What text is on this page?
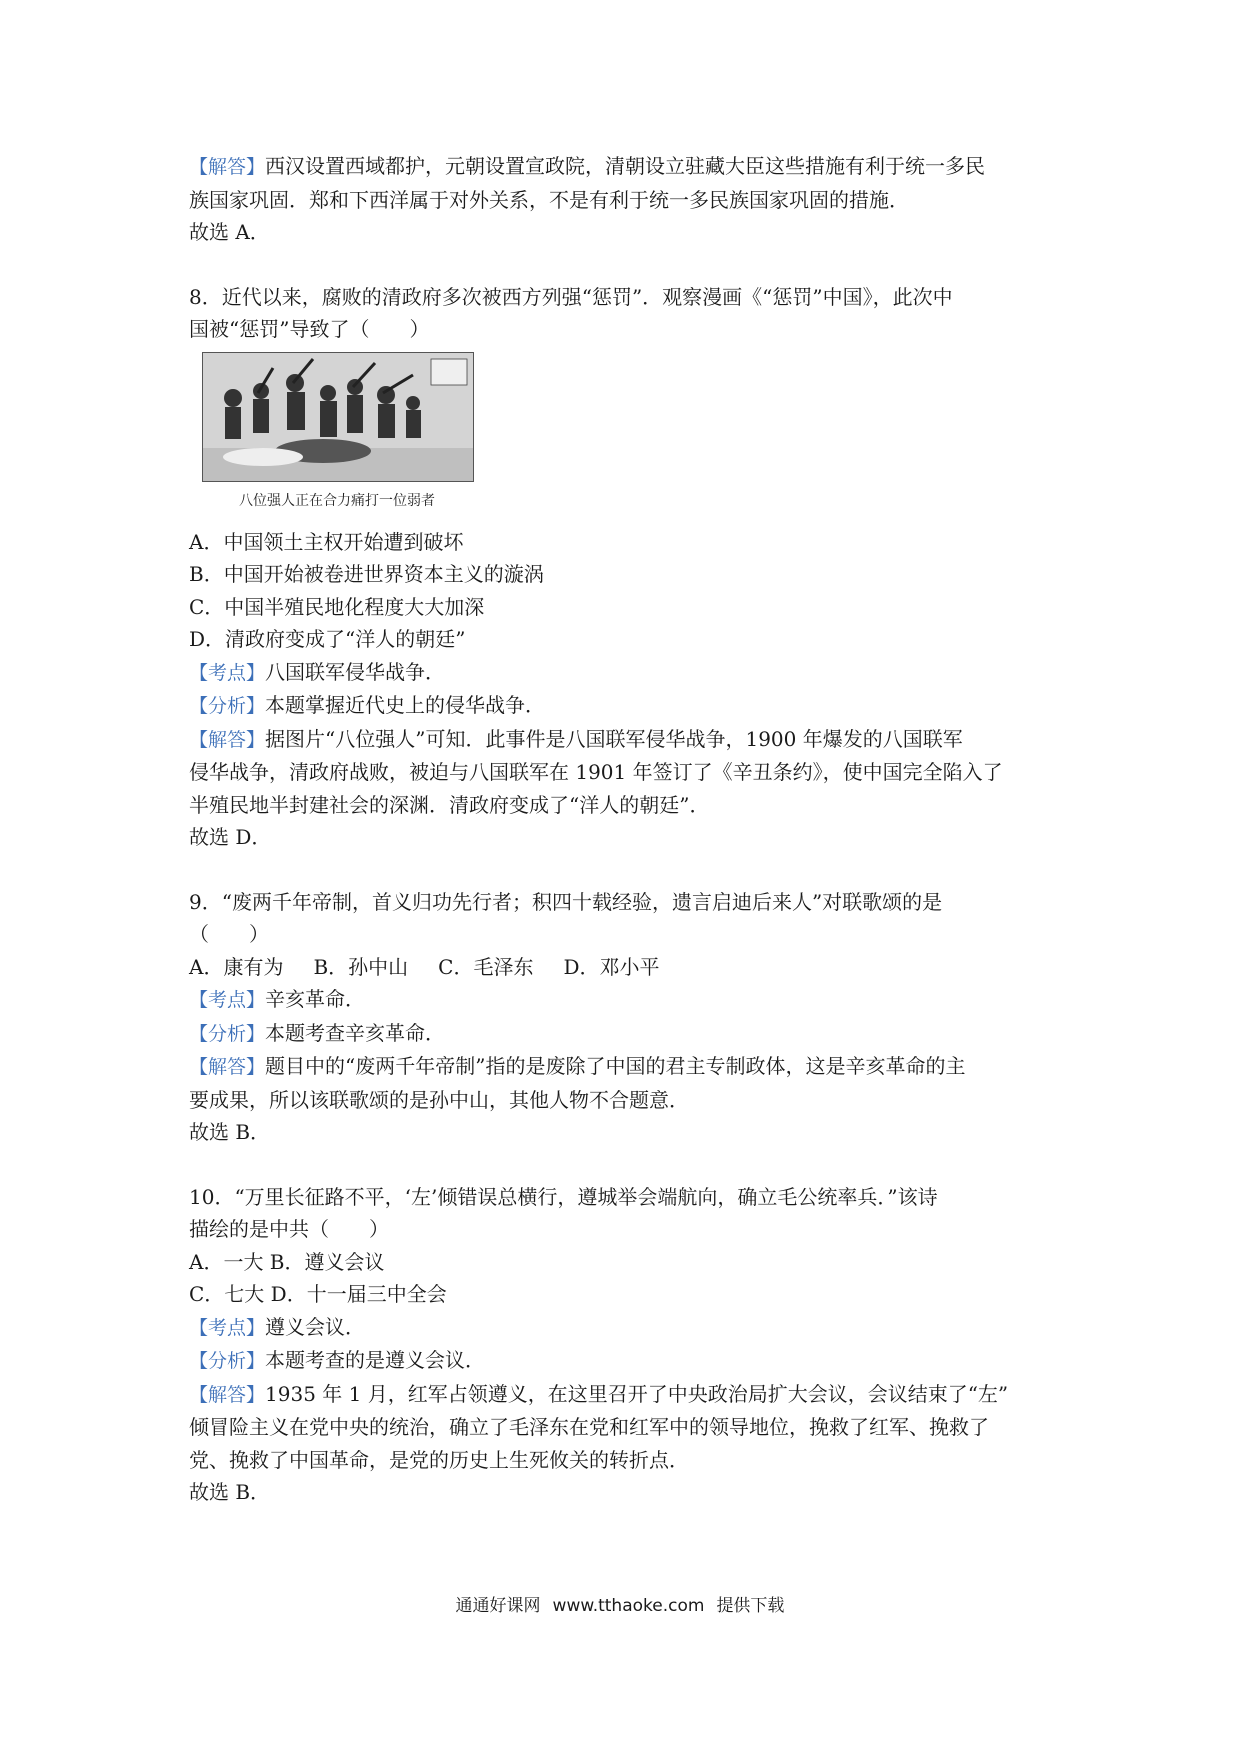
【解答】西汉设置西域都护，元朝设置宣政院，清朝设立驻藏大臣这些措施有利于统一多民
族国家巩固．郑和下西洋属于对外关系，不是有利于统一多民族国家巩固的措施．
故选 A．
8．近代以来，腐败的清政府多次被西方列强“惩罚”．观察漫画《“惩罚”中国》，此次中
国被“惩罚”导致了（　　）
八位强人正在合力痛打一位弱者
A．中国领土主权开始遭到破坏
B．中国开始被卷进世界资本主义的漩涡
C．中国半殖民地化程度大大加深
D．清政府变成了“洋人的朝廷”
【考点】八国联军侵华战争．
【分析】本题掌握近代史上的侵华战争．
【解答】据图片“八位强人”可知．此事件是八国联军侵华战争，1900 年爆发的八国联军
侵华战争，清政府战败，被迫与八国联军在 1901 年签订了《辛丑条约》，使中国完全陷入了
半殖民地半封建社会的深渊．清政府变成了“洋人的朝廷”．
故选 D．
9．“废两千年帝制，首义归功先行者；积四十载经验，遗言启迪后来人”对联歌颂的是
（　　）
A．康有为 B．孙中山 C．毛泽东 D．邓小平
【考点】辛亥革命．
【分析】本题考查辛亥革命．
【解答】题目中的“废两千年帝制”指的是废除了中国的君主专制政体，这是辛亥革命的主
要成果，所以该联歌颂的是孙中山，其他人物不合题意．
故选 B．
10．“万里长征路不平，‘左’倾错误总横行，遵城举会端航向，确立毛公统率兵．”该诗
描绘的是中共（　　）
A．一大 B．遵义会议
C．七大 D．十一届三中全会
【考点】遵义会议．
【分析】本题考查的是遵义会议．
【解答】1935 年 1 月，红军占领遵义，在这里召开了中央政治局扩大会议，会议结束了“左”
倾冒险主义在党中央的统治，确立了毛泽东在党和红军中的领导地位，挽救了红军、挽救了
党、挽救了中国革命，是党的历史上生死攸关的转折点．
故选 B．
通通好课网 www.tthaoke.com 提供下载
